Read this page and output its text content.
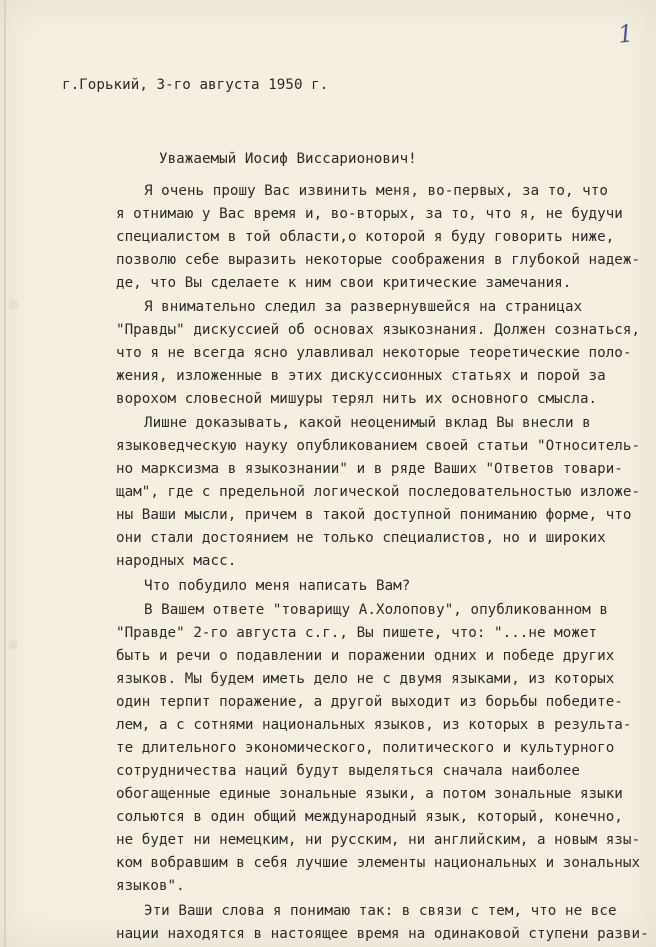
1
г.Горький, 3-го августа 1950 г.
Уважаемый Иосиф Виссарионович!
Я очень прошу Вас извинить меня, во-первых, за то, что
я отнимаю у Вас время и, во-вторых, за то, что я, не будучи
специалистом в той области,о которой я буду говорить ниже,
позволю себе выразить некоторые соображения в глубокой надеж-
де, что Вы сделаете к ним свои критические замечания.
Я внимательно следил за развернувшейся на страницах
"Правды" дискуссией об основах языкознания. Должен сознаться,
что я не всегда ясно улавливал некоторые теоретические поло-
жения, изложенные в этих дискуссионных статьях и порой за
ворохом словесной мишуры терял нить их основного смысла.
Лишне доказывать, какой неоценимый вклад Вы внесли в
языковедческую науку опубликованием своей статьи "Относитель-
но марксизма в языкознании" и в ряде Ваших "Ответов товари-
щам", где с предельной логической последовательностью изложе-
ны Ваши мысли, причем в такой доступной пониманию форме, что
они стали достоянием не только специалистов, но и широких
народных масс.
Что побудило меня написать Вам?
В Вашем ответе "товарищу А.Холопову", опубликованном в
"Правде" 2-го августа с.г., Вы пишете, что: "...не может
быть и речи о подавлении и поражении одних и победе других
языков. Мы будем иметь дело не с двумя языками, из которых
один терпит поражение, а другой выходит из борьбы победите-
лем, а с сотнями национальных языков, из которых в результа-
те длительного экономического, политического и культурного
сотрудничества наций будут выделяться сначала наиболее
обогащенные единые зональные языки, а потом зональные языки
сольются в один общий международный язык, который, конечно,
не будет ни немецким, ни русским, ни английским, а новым язы-
ком вобравшим в себя лучшие элементы национальных и зональных
языков".
Эти Ваши слова я понимаю так: в связи с тем, что не все
нации находятся в настоящее время на одинаковой ступени разви-
